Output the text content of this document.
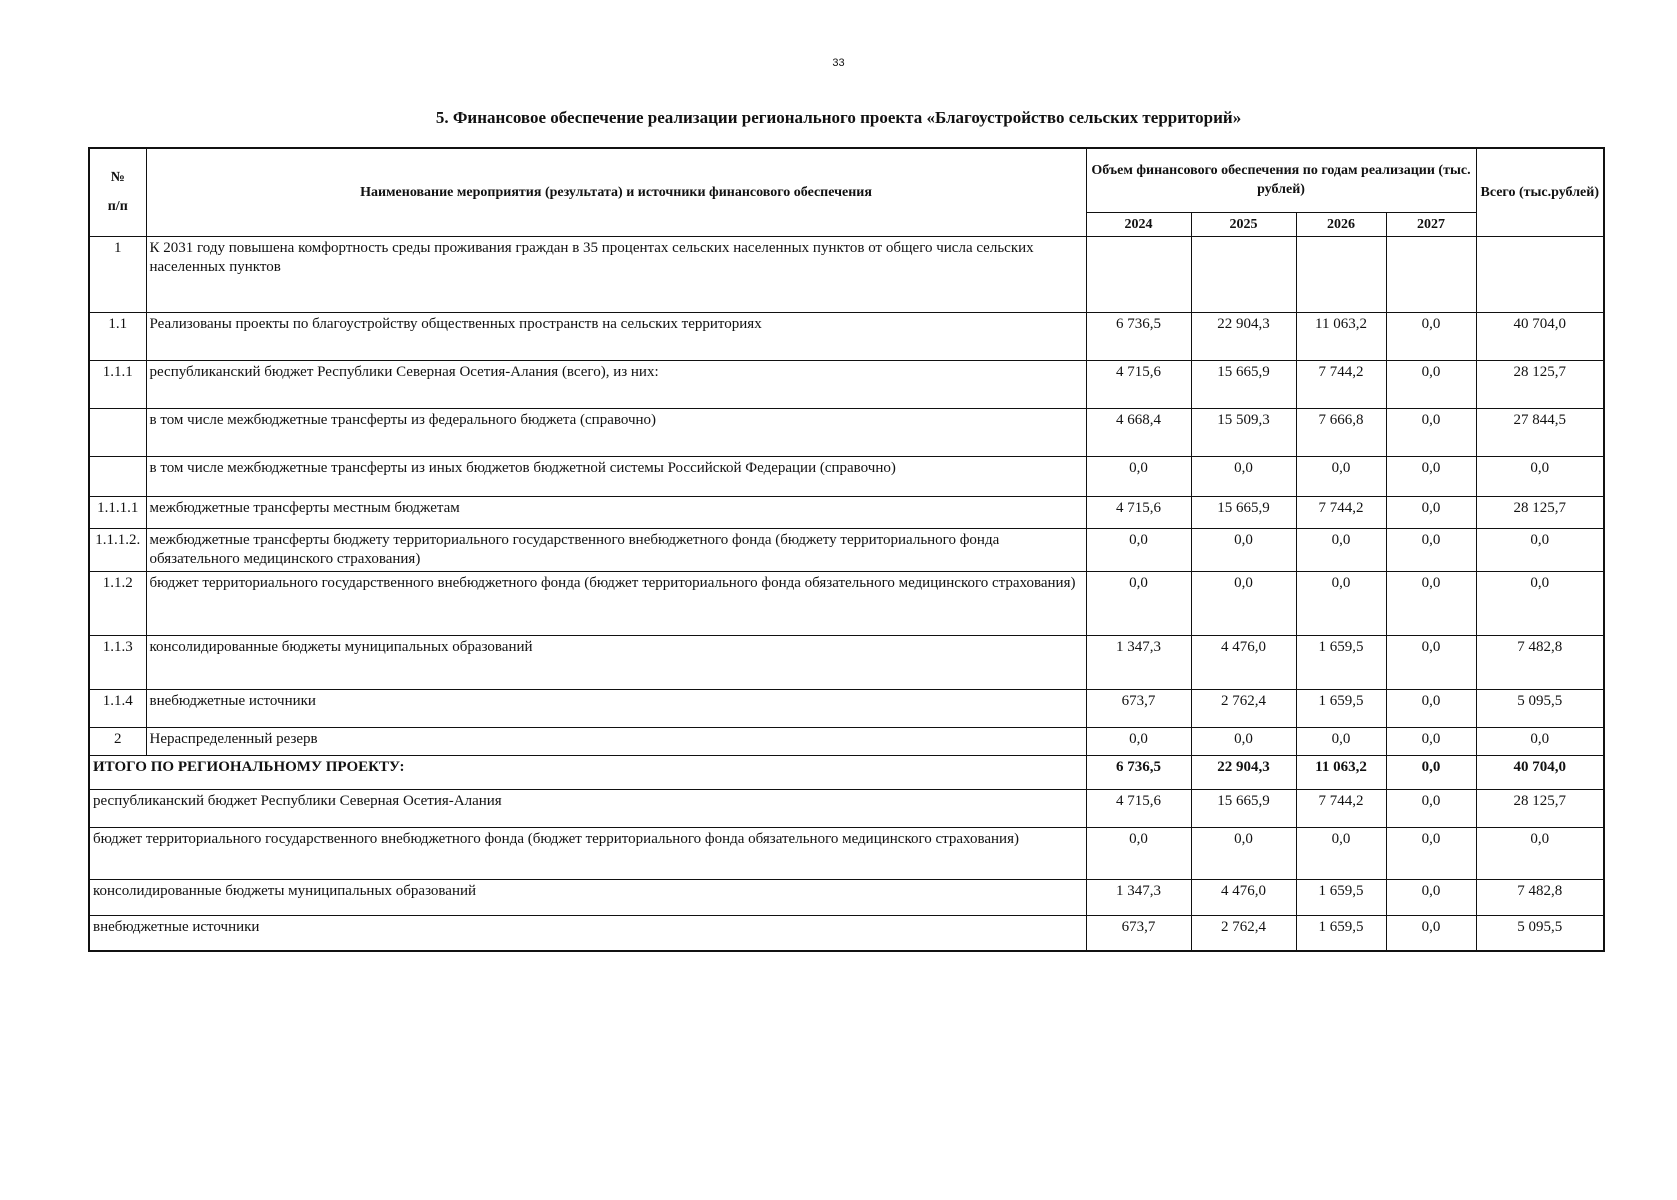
33
5. Финансовое обеспечение реализации регионального проекта «Благоустройство сельских территорий»
№
п/п	Наименование мероприятия (результата) и источники финансового обеспечения	Объем финансового обеспечения по годам реализации (тыс. рублей)				Всего (тыс.рублей)
		2024	2025	2026	2027	
1	К 2031 году повышена комфортность среды проживания граждан в 35 процентах сельских населенных пунктов от общего числа сельских населенных пунктов					
1.1	Реализованы проекты по благоустройству общественных пространств на сельских территориях	6 736,5	22 904,3	11 063,2	0,0	40 704,0
1.1.1	республиканский бюджет Республики Северная Осетия-Алания (всего), из них:	4 715,6	15 665,9	7 744,2	0,0	28 125,7
	в том числе межбюджетные трансферты из федерального бюджета (справочно)	4 668,4	15 509,3	7 666,8	0,0	27 844,5
	в том числе межбюджетные трансферты из иных бюджетов бюджетной системы Российской Федерации (справочно)	0,0	0,0	0,0	0,0	0,0
1.1.1.1	межбюджетные трансферты местным бюджетам	4 715,6	15 665,9	7 744,2	0,0	28 125,7
1.1.1.2.	межбюджетные трансферты бюджету территориального государственного внебюджетного фонда (бюджету территориального фонда обязательного медицинского страхования)	0,0	0,0	0,0	0,0	0,0
1.1.2	бюджет территориального государственного внебюджетного фонда (бюджет территориального фонда обязательного медицинского страхования)	0,0	0,0	0,0	0,0	0,0
1.1.3	консолидированные бюджеты муниципальных образований	1 347,3	4 476,0	1 659,5	0,0	7 482,8
1.1.4	внебюджетные источники	673,7	2 762,4	1 659,5	0,0	5 095,5
2	Нераспределенный резерв	0,0	0,0	0,0	0,0	0,0
ИТОГО ПО РЕГИОНАЛЬНОМУ ПРОЕКТУ:		6 736,5	22 904,3	11 063,2	0,0	40 704,0
республиканский бюджет Республики Северная Осетия-Алания		4 715,6	15 665,9	7 744,2	0,0	28 125,7
бюджет территориального государственного внебюджетного фонда (бюджет территориального фонда обязательного медицинского страхования)		0,0	0,0	0,0	0,0	0,0
консолидированные бюджеты муниципальных образований		1 347,3	4 476,0	1 659,5	0,0	7 482,8
внебюджетные источники		673,7	2 762,4	1 659,5	0,0	5 095,5
